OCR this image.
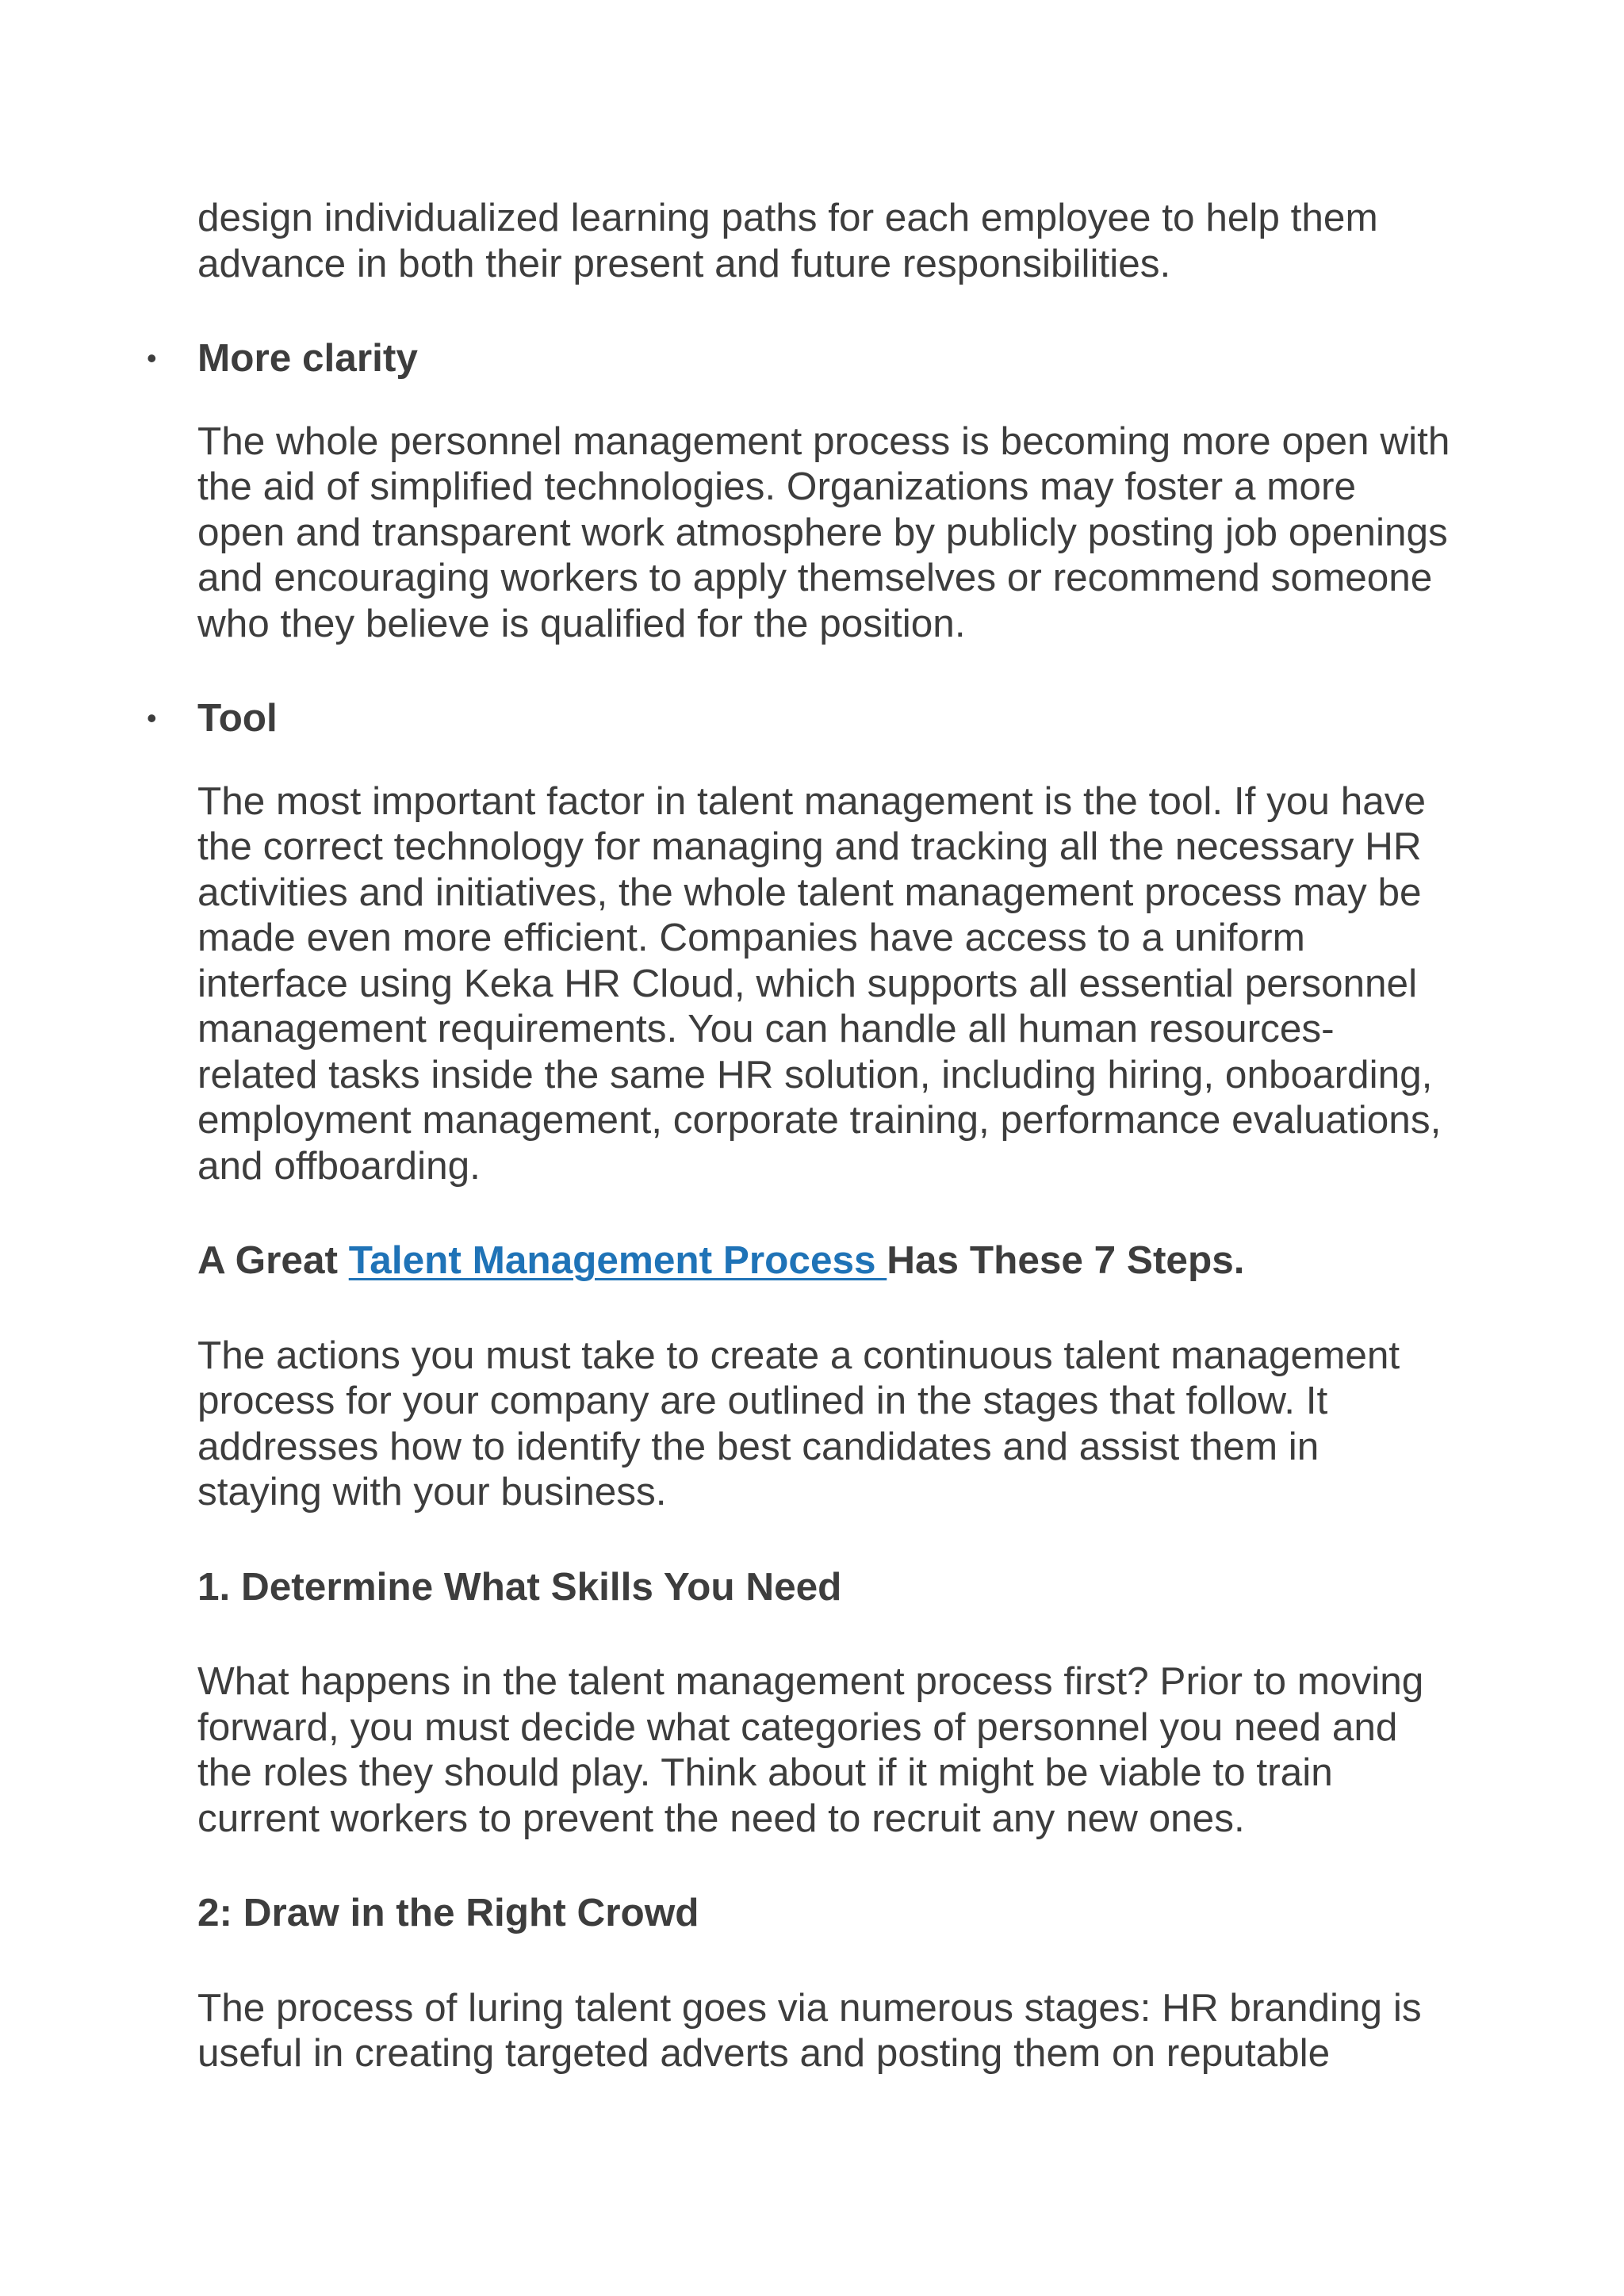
design individualized learning paths for each employee to help them advance in both their present and future responsibilities.

• More clarity

The whole personnel management process is becoming more open with the aid of simplified technologies. Organizations may foster a more open and transparent work atmosphere by publicly posting job openings and encouraging workers to apply themselves or recommend someone who they believe is qualified for the position.

• Tool

The most important factor in talent management is the tool. If you have the correct technology for managing and tracking all the necessary HR activities and initiatives, the whole talent management process may be made even more efficient. Companies have access to a uniform interface using Keka HR Cloud, which supports all essential personnel management requirements. You can handle all human resources-related tasks inside the same HR solution, including hiring, onboarding, employment management, corporate training, performance evaluations, and offboarding.

A Great Talent Management Process Has These 7 Steps.

The actions you must take to create a continuous talent management process for your company are outlined in the stages that follow. It addresses how to identify the best candidates and assist them in staying with your business.

1. Determine What Skills You Need

What happens in the talent management process first? Prior to moving forward, you must decide what categories of personnel you need and the roles they should play. Think about if it might be viable to train current workers to prevent the need to recruit any new ones.

2: Draw in the Right Crowd

The process of luring talent goes via numerous stages: HR branding is useful in creating targeted adverts and posting them on reputable
